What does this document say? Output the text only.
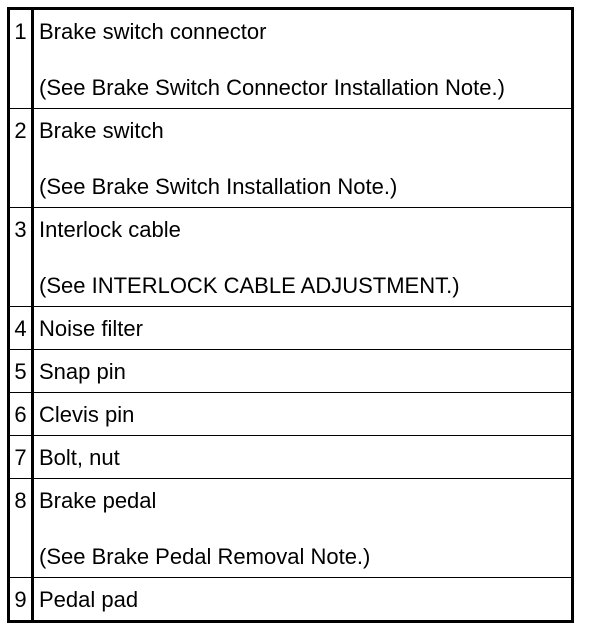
1	Brake switch connector
(See Brake Switch Connector Installation Note.)

2	Brake switch
(See Brake Switch Installation Note.)

3	Interlock cable
(See INTERLOCK CABLE ADJUSTMENT.)

4	Noise filter

5	Snap pin

6	Clevis pin

7	Bolt, nut

8	Brake pedal
(See Brake Pedal Removal Note.)

9	Pedal pad
